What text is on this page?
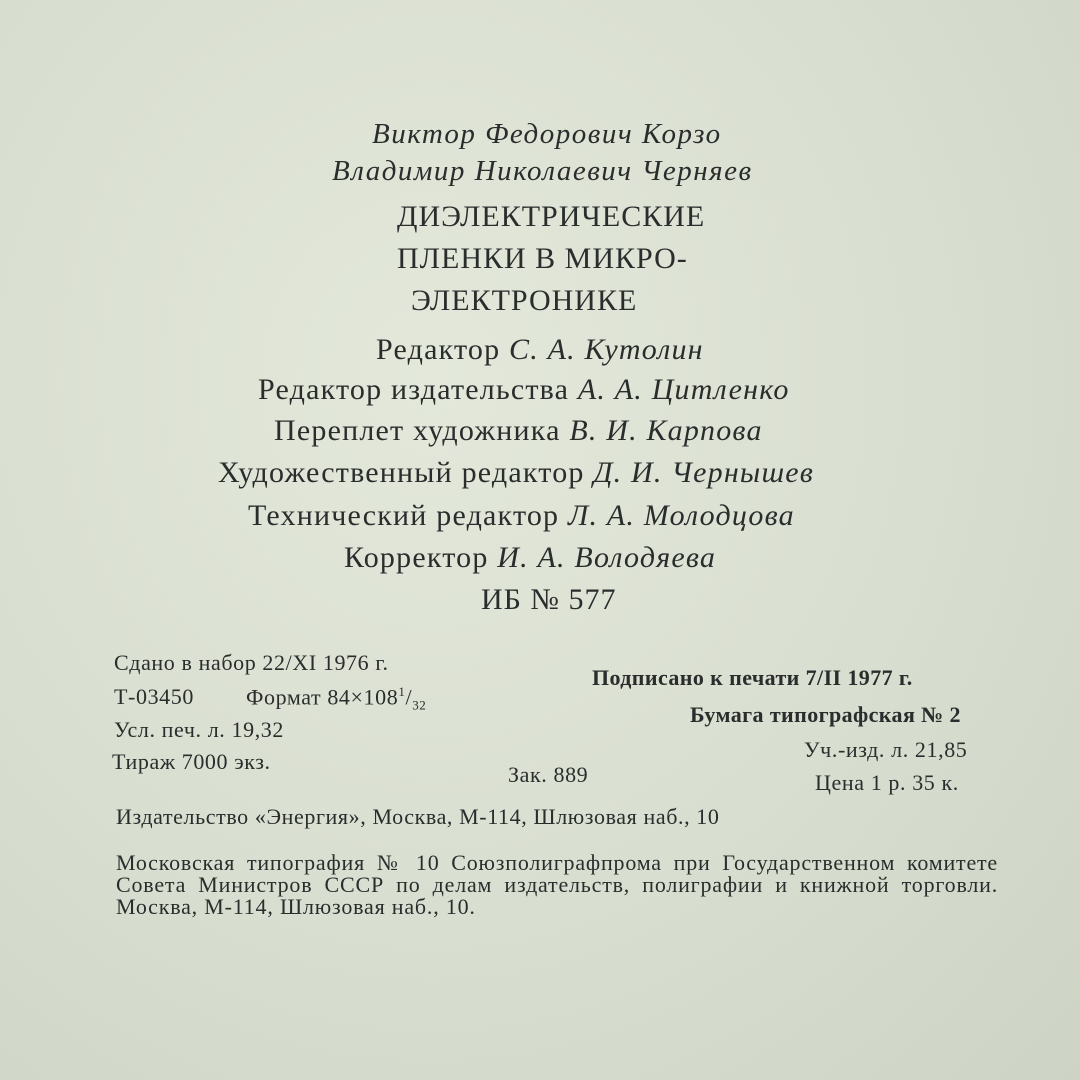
Виктор Федорович Корзо
Владимир Николаевич Черняев
ДИЭЛЕКТРИЧЕСКИЕ
ПЛЕНКИ В МИКРО-
ЭЛЕКТРОНИКЕ
Редактор С. А. Кутолин
Редактор издательства А. А. Цитленко
Переплет художника В. И. Карпова
Художественный редактор Д. И. Чернышев
Технический редактор Л. А. Молодцова
Корректор И. А. Володяева
ИБ № 577
Сдано в набор 22/XI 1976 г.
Подписано к печати 7/II 1977 г.
Т-03450 Формат $84\times 108^1/_{32}$	Бумага типографская № 2
Усл. печ. л. 19,32
Уч.-изд. л. 21,85
Тираж 7000 экз.
Зак. 889	Цена 1 р. 35 к.
Издательство «Энергия», Москва, М-114, Шлюзовая наб., 10
Московская типография № 10 Союзполиграфпрома при Государственном комитете Совета Министров СССР по делам издательств, полиграфии и книжной торговли. Москва, М-114, Шлюзовая наб., 10.
